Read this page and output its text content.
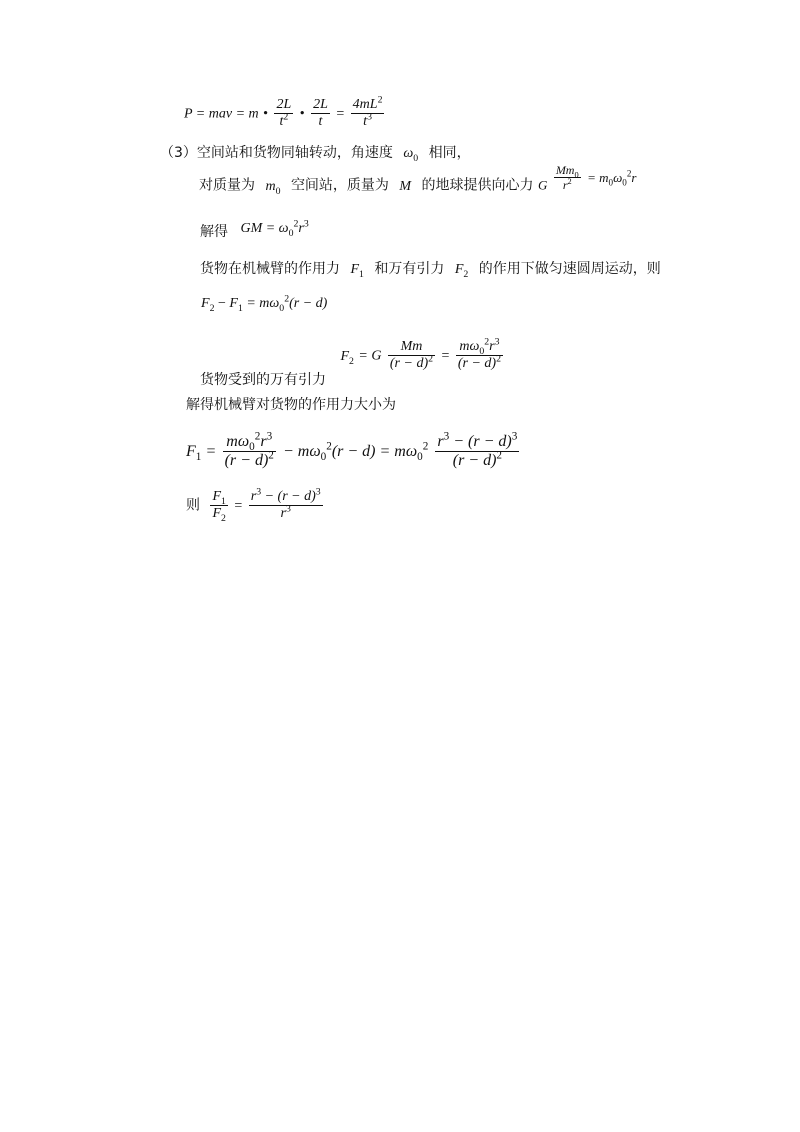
P = mav = m • $\frac{2L}{t^2}$ • $\frac{2L}{t} = \frac{4mL^2}{t^3}$
（3）空间站和货物同轴转动，角速度 $\omega_0$ 相同，
对质量为 $m_0$ 空间站，质量为 M 的地球提供向心力 G $\frac{Mm_0}{r^2} = m_0\omega_0^2r$
解得 GM = $\omega_0^2r^3$
货物在机械臂的作用力 $F_1$ 和万有引力 $F_2$ 的作用下做匀速圆周运动，则
$F_2 - F_1 = m\omega_0^2(r - d)$
货物受到的万有引力 $F_2 = G \frac{Mm}{(r - d)^2} = \frac{m\omega_0^2r^3}{(r - d)^2}$
解得机械臂对货物的作用力大小为
$F_1 = \frac{m\omega_0^2r^3}{(r - d)^2} - m\omega_0^2(r - d) = m\omega_0^2 \frac{r^3 - (r - d)^3}{(r - d)^2}$
则 $\frac{F_1}{F_2} = \frac{r^3 - (r - d)^3}{r^3}$
